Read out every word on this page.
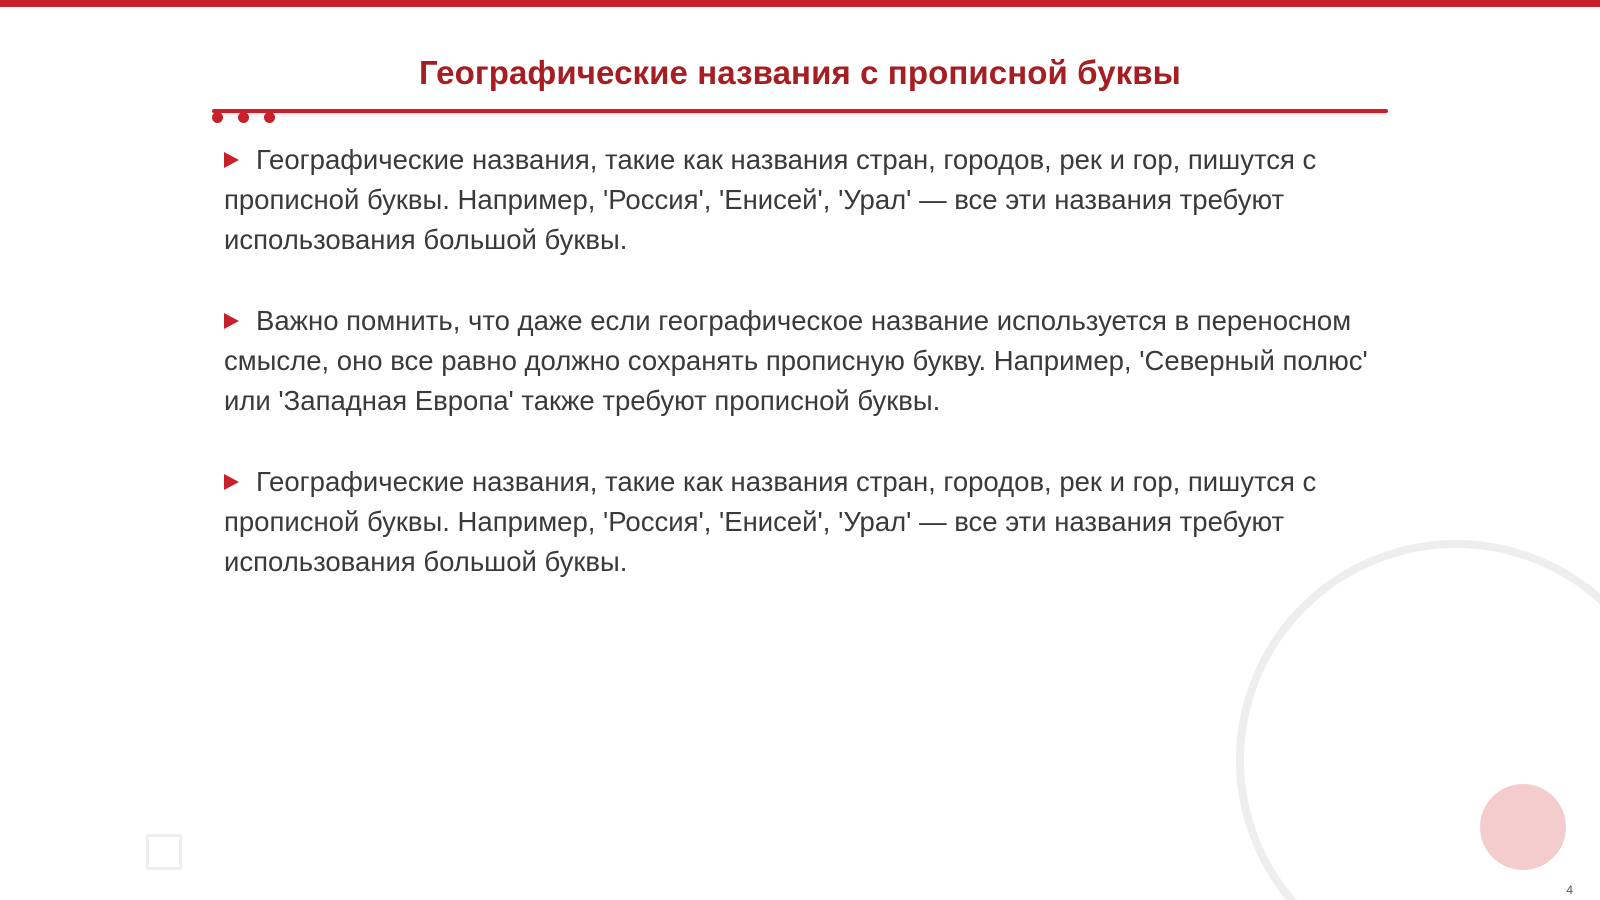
Географические названия с прописной буквы

Географические названия, такие как названия стран, городов, рек и гор, пишутся с прописной буквы. Например, 'Россия', 'Енисей', 'Урал' — все эти названия требуют использования большой буквы.

Важно помнить, что даже если географическое название используется в переносном смысле, оно все равно должно сохранять прописную букву. Например, 'Северный полюс' или 'Западная Европа' также требуют прописной буквы.

Географические названия, такие как названия стран, городов, рек и гор, пишутся с прописной буквы. Например, 'Россия', 'Енисей', 'Урал' — все эти названия требуют использования большой буквы.

4
